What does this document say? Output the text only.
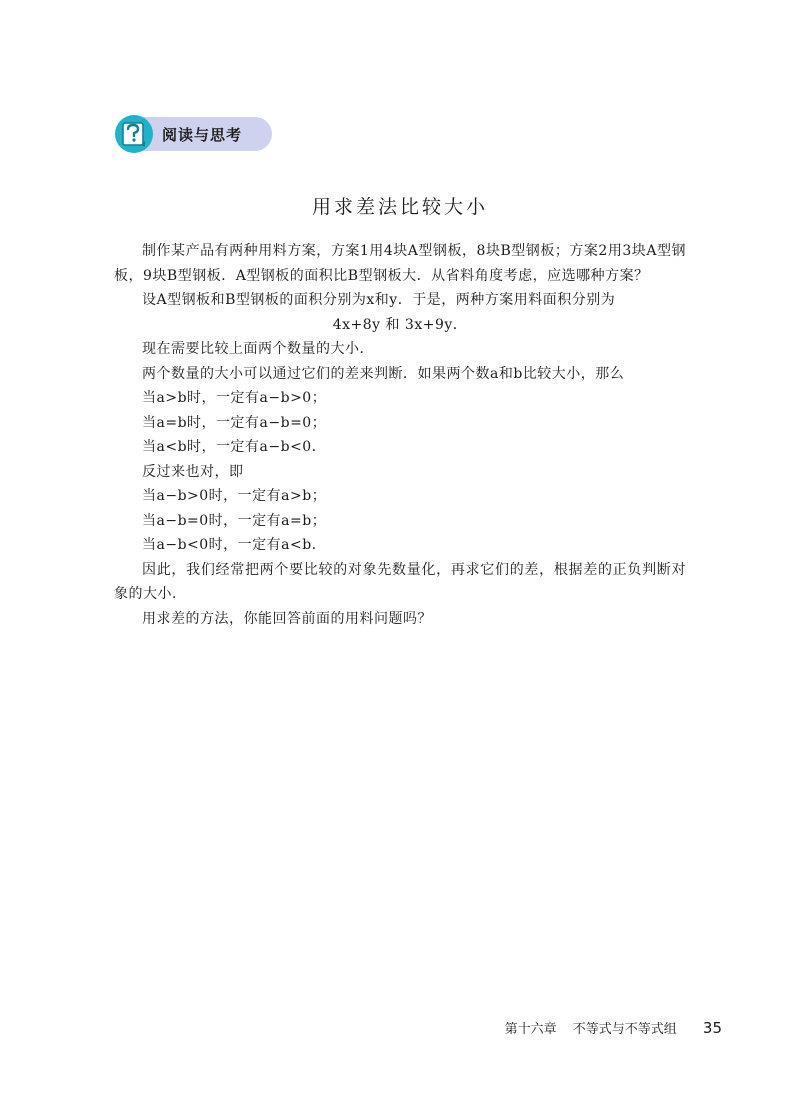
阅读与思考
用求差法比较大小

制作某产品有两种用料方案，方案1用4块A型钢板，8块B型钢板；方案2用3块A型钢板，9块B型钢板．A型钢板的面积比B型钢板大．从省料角度考虑，应选哪种方案？

设A型钢板和B型钢板的面积分别为x和y．于是，两种方案用料面积分别为

4x+8y 和 3x+9y．

现在需要比较上面两个数量的大小．

两个数量的大小可以通过它们的差来判断．如果两个数a和b比较大小，那么

当a>b时，一定有a−b>0；

当a=b时，一定有a−b=0；

当a<b时，一定有a−b<0．

反过来也对，即

当a−b>0时，一定有a>b；

当a−b=0时，一定有a=b；

当a−b<0时，一定有a<b．

因此，我们经常把两个要比较的对象先数量化，再求它们的差，根据差的正负判断对象的大小．

用求差的方法，你能回答前面的用料问题吗？

第十六章 不等式与不等式组 35
